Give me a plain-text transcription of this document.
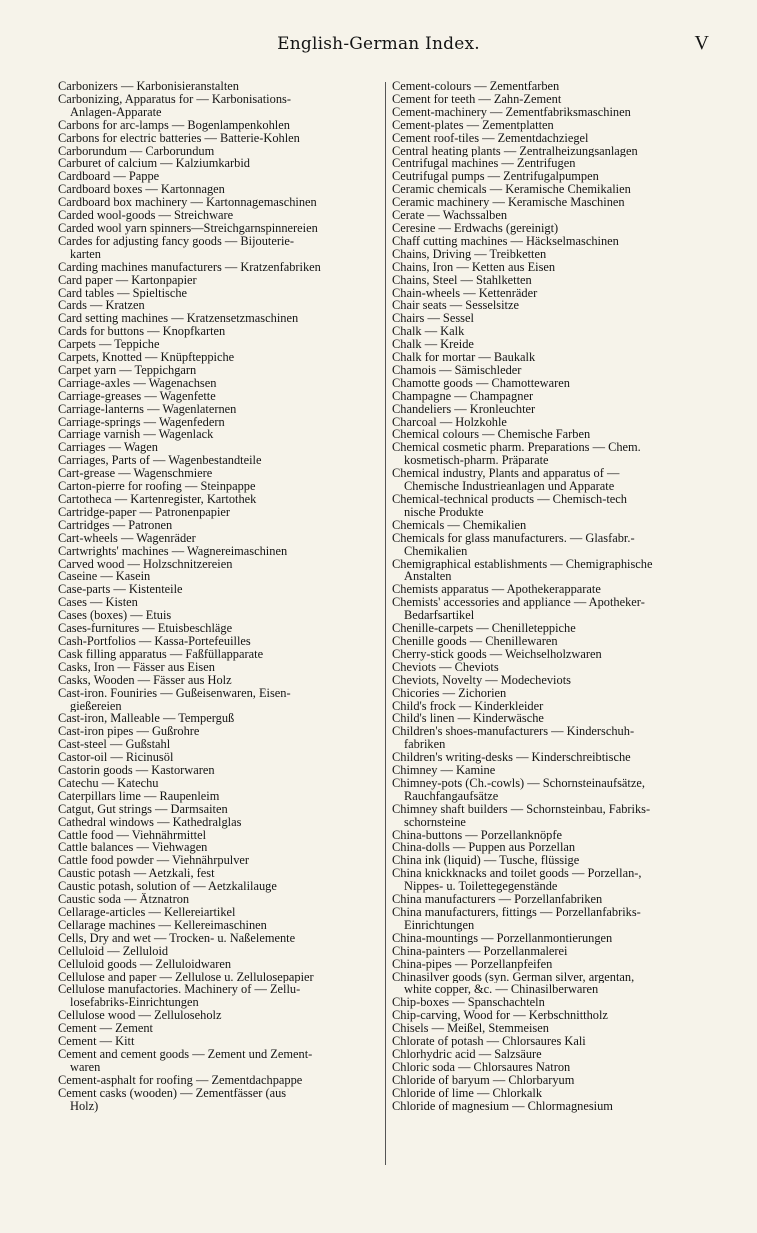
English-German Index.	V
Carbonizers — Karbonisieranstalten
Carbonizing, Apparatus for — Karbonisations-
Anlagen-Apparate
Carbons for arc-lamps — Bogenlampenkohlen
Carbons for electric batteries — Batterie-Kohlen
Carborundum — Carborundum
Carburet of calcium — Kalziumkarbid
Cardboard — Pappe
Cardboard boxes — Kartonnagen
Cardboard box machinery — Kartonnagemaschinen
Carded wool-goods — Streichware
Carded wool yarn spinners—Streichgarnspinnereien
Cardes for adjusting fancy goods — Bijouterie-
karten
Carding machines manufacturers — Kratzenfabriken
Card paper — Kartonpapier
Card tables — Spieltische
Cards — Kratzen
Card setting machines — Kratzensetzmaschinen
Cards for buttons — Knopfkarten
Carpets — Teppiche
Carpets, Knotted — Knüpfteppiche
Carpet yarn — Teppichgarn
Carriage-axles — Wagenachsen
Carriage-greases — Wagenfette
Carriage-lanterns — Wagenlaternen
Carriage-springs — Wagenfedern
Carriage varnish — Wagenlack
Carriages — Wagen
Carriages, Parts of — Wagenbestandteile
Cart-grease — Wagenschmiere
Carton-pierre for roofing — Steinpappe
Cartotheca — Kartenregister, Kartothek
Cartridge-paper — Patronenpapier
Cartridges — Patronen
Cart-wheels — Wagenräder
Cartwrights' machines — Wagnereimaschinen
Carved wood — Holzschnitzereien
Caseine — Kasein
Case-parts — Kistenteile
Cases — Kisten
Cases (boxes) — Etuis
Cases-furnitures — Etuisbeschläge
Cash-Portfolios — Kassa-Portefeuilles
Cask filling apparatus — Faßfüllapparate
Casks, Iron — Fässer aus Eisen
Casks, Wooden — Fässer aus Holz
Cast-iron. Founiries — Gußeisenwaren, Eisen-
gießereien
Cast-iron, Malleable — Temperguß
Cast-iron pipes — Gußrohre
Cast-steel — Gußstahl
Castor-oil — Ricinusöl
Castorin goods — Kastorwaren
Catechu — Katechu
Caterpillars lime — Raupenleim
Catgut, Gut strings — Darmsaiten
Cathedral windows — Kathedralglas
Cattle food — Viehnährmittel
Cattle balances — Viehwagen
Cattle food powder — Viehnährpulver
Caustic potash — Aetzkali, fest
Caustic potash, solution of — Aetzkalilauge
Caustic soda — Ätznatron
Cellarage-articles — Kellereiartikel
Cellarage machines — Kellereimaschinen
Cells, Dry and wet — Trocken- u. Naßelemente
Celluloid — Zelluloid
Celluloid goods — Zelluloidwaren
Cellulose and paper — Zellulose u. Zellulosepapier
Cellulose manufactories. Machinery of — Zellu-
losefabriks-Einrichtungen
Cellulose wood — Zelluloseholz
Cement — Zement
Cement — Kitt
Cement and cement goods — Zement und Zement-
waren
Cement-asphalt for roofing — Zementdachpappe
Cement casks (wooden) — Zementfässer (aus
Holz)
Cement-colours — Zementfarben
Cement for teeth — Zahn-Zement
Cement-machinery — Zementfabriksmaschinen
Cement-plates — Zementplatten
Cement roof-tiles — Zementdachziegel
Central heating plants — Zentralheizungsanlagen
Centrifugal machines — Zentrifugen
Ceutrifugal pumps — Zentrifugalpumpen
Ceramic chemicals — Keramische Chemikalien
Ceramic machinery — Keramische Maschinen
Cerate — Wachssalben
Ceresine — Erdwachs (gereinigt)
Chaff cutting machines — Häckselmaschinen
Chains, Driving — Treibketten
Chains, Iron — Ketten aus Eisen
Chains, Steel — Stahlketten
Chain-wheels — Kettenräder
Chair seats — Sesselsitze
Chairs — Sessel
Chalk — Kalk
Chalk — Kreide
Chalk for mortar — Baukalk
Chamois — Sämischleder
Chamotte goods — Chamottewaren
Champagne — Champagner
Chandeliers — Kronleuchter
Charcoal — Holzkohle
Chemical colours — Chemische Farben
Chemical cosmetic pharm. Preparations — Chem.
kosmetisch-pharm. Präparate
Chemical industry, Plants and apparatus of —
Chemische Industrieanlagen und Apparate
Chemical-technical products — Chemisch-tech
nische Produkte
Chemicals — Chemikalien
Chemicals for glass manufacturers. — Glasfabr.-
Chemikalien
Chemigraphical establishments — Chemigraphische
Anstalten
Chemists apparatus — Apothekerapparate
Chemists' accessories and appliance — Apotheker-
Bedarfsartikel
Chenille-carpets — Chenilleteppiche
Chenille goods — Chenillewaren
Cherry-stick goods — Weichselholzwaren
Cheviots — Cheviots
Cheviots, Novelty — Modecheviots
Chicories — Zichorien
Child's frock — Kinderkleider
Child's linen — Kinderwäsche
Children's shoes-manufacturers — Kinderschuh-
fabriken
Children's writing-desks — Kinderschreibtische
Chimney — Kamine
Chimney-pots (Ch.-cowls) — Schornsteinaufsätze,
Rauchfangaufsätze
Chimney shaft builders — Schornsteinbau, Fabriks-
schornsteine
China-buttons — Porzellanknöpfe
China-dolls — Puppen aus Porzellan
China ink (liquid) — Tusche, flüssige
China knickknacks and toilet goods — Porzellan-,
Nippes- u. Toilettegegenstände
China manufacturers — Porzellanfabriken
China manufacturers, fittings — Porzellanfabriks-
Einrichtungen
China-mountings — Porzellanmontierungen
China-painters — Porzellanmalerei
China-pipes — Porzellanpfeifen
Chinasilver goods (syn. German silver, argentan,
white copper, &c. — Chinasilberwaren
Chip-boxes — Spanschachteln
Chip-carving, Wood for — Kerbschnittholz
Chisels — Meißel, Stemmeisen
Chlorate of potash — Chlorsaures Kali
Chlorhydric acid — Salzsäure
Chloric soda — Chlorsaures Natron
Chloride of baryum — Chlorbaryum
Chloride of lime — Chlorkalk
Chloride of magnesium — Chlormagnesium
